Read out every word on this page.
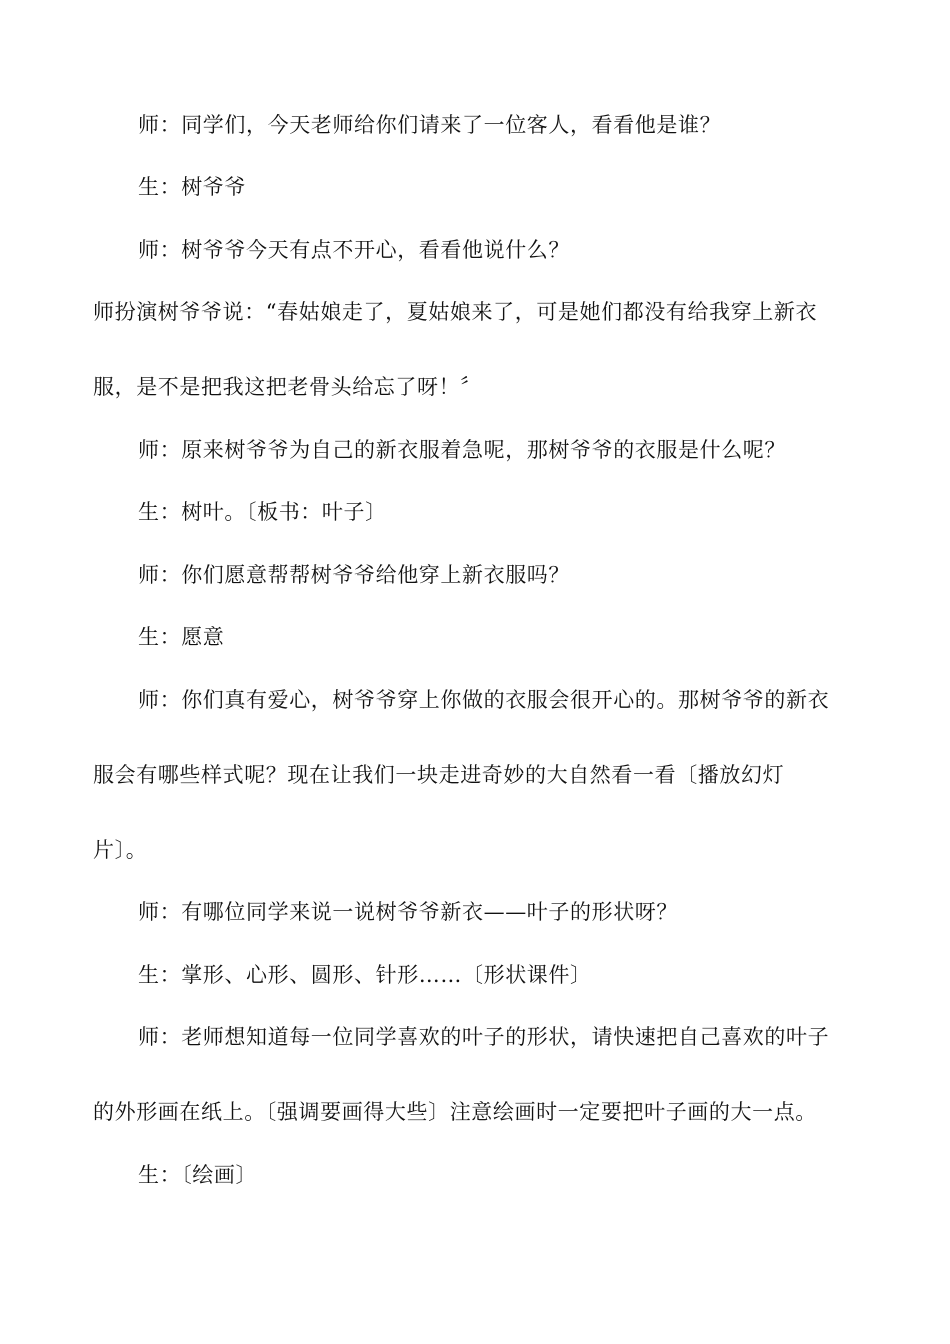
师：同学们，今天老师给你们请来了一位客人，看看他是谁？
生：树爷爷
师：树爷爷今天有点不开心，看看他说什么？
师扮演树爷爷说：“春姑娘走了，夏姑娘来了，可是她们都没有给我穿上新衣
服，是不是把我这把老骨头给忘了呀！〞
师：原来树爷爷为自己的新衣服着急呢，那树爷爷的衣服是什么呢？
生：树叶。〔板书：叶子〕
师：你们愿意帮帮树爷爷给他穿上新衣服吗？
生：愿意
师：你们真有爱心，树爷爷穿上你做的衣服会很开心的。那树爷爷的新衣
服会有哪些样式呢？现在让我们一块走进奇妙的大自然看一看〔播放幻灯
片〕。
师：有哪位同学来说一说树爷爷新衣——叶子的形状呀？
生：掌形、心形、圆形、针形……〔形状课件〕
师：老师想知道每一位同学喜欢的叶子的形状，请快速把自己喜欢的叶子
的外形画在纸上。〔强调要画得大些〕注意绘画时一定要把叶子画的大一点。
生：〔绘画〕
